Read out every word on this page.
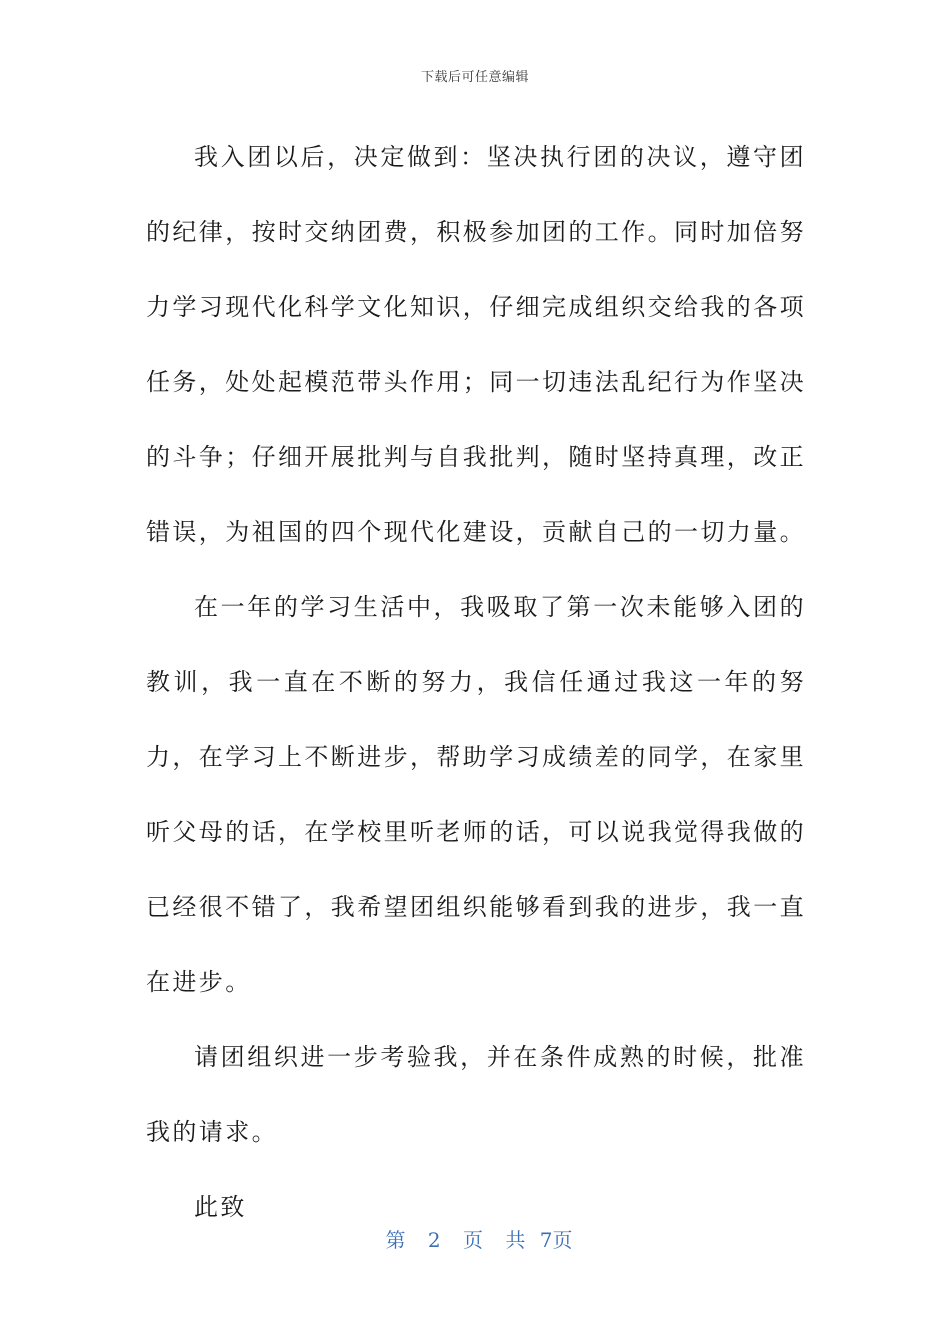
下载后可任意编辑

我入团以后，决定做到：坚决执行团的决议，遵守团的纪律，按时交纳团费，积极参加团的工作。同时加倍努力学习现代化科学文化知识，仔细完成组织交给我的各项任务，处处起模范带头作用；同一切违法乱纪行为作坚决的斗争；仔细开展批判与自我批判，随时坚持真理，改正错误，为祖国的四个现代化建设，贡献自己的一切力量。

在一年的学习生活中，我吸取了第一次未能够入团的教训，我一直在不断的努力，我信任通过我这一年的努力，在学习上不断进步，帮助学习成绩差的同学，在家里听父母的话，在学校里听老师的话，可以说我觉得我做的已经很不错了，我希望团组织能够看到我的进步，我一直在进步。

请团组织进一步考验我，并在条件成熟的时候，批准我的请求。

此致

第 2 页 共 7页
